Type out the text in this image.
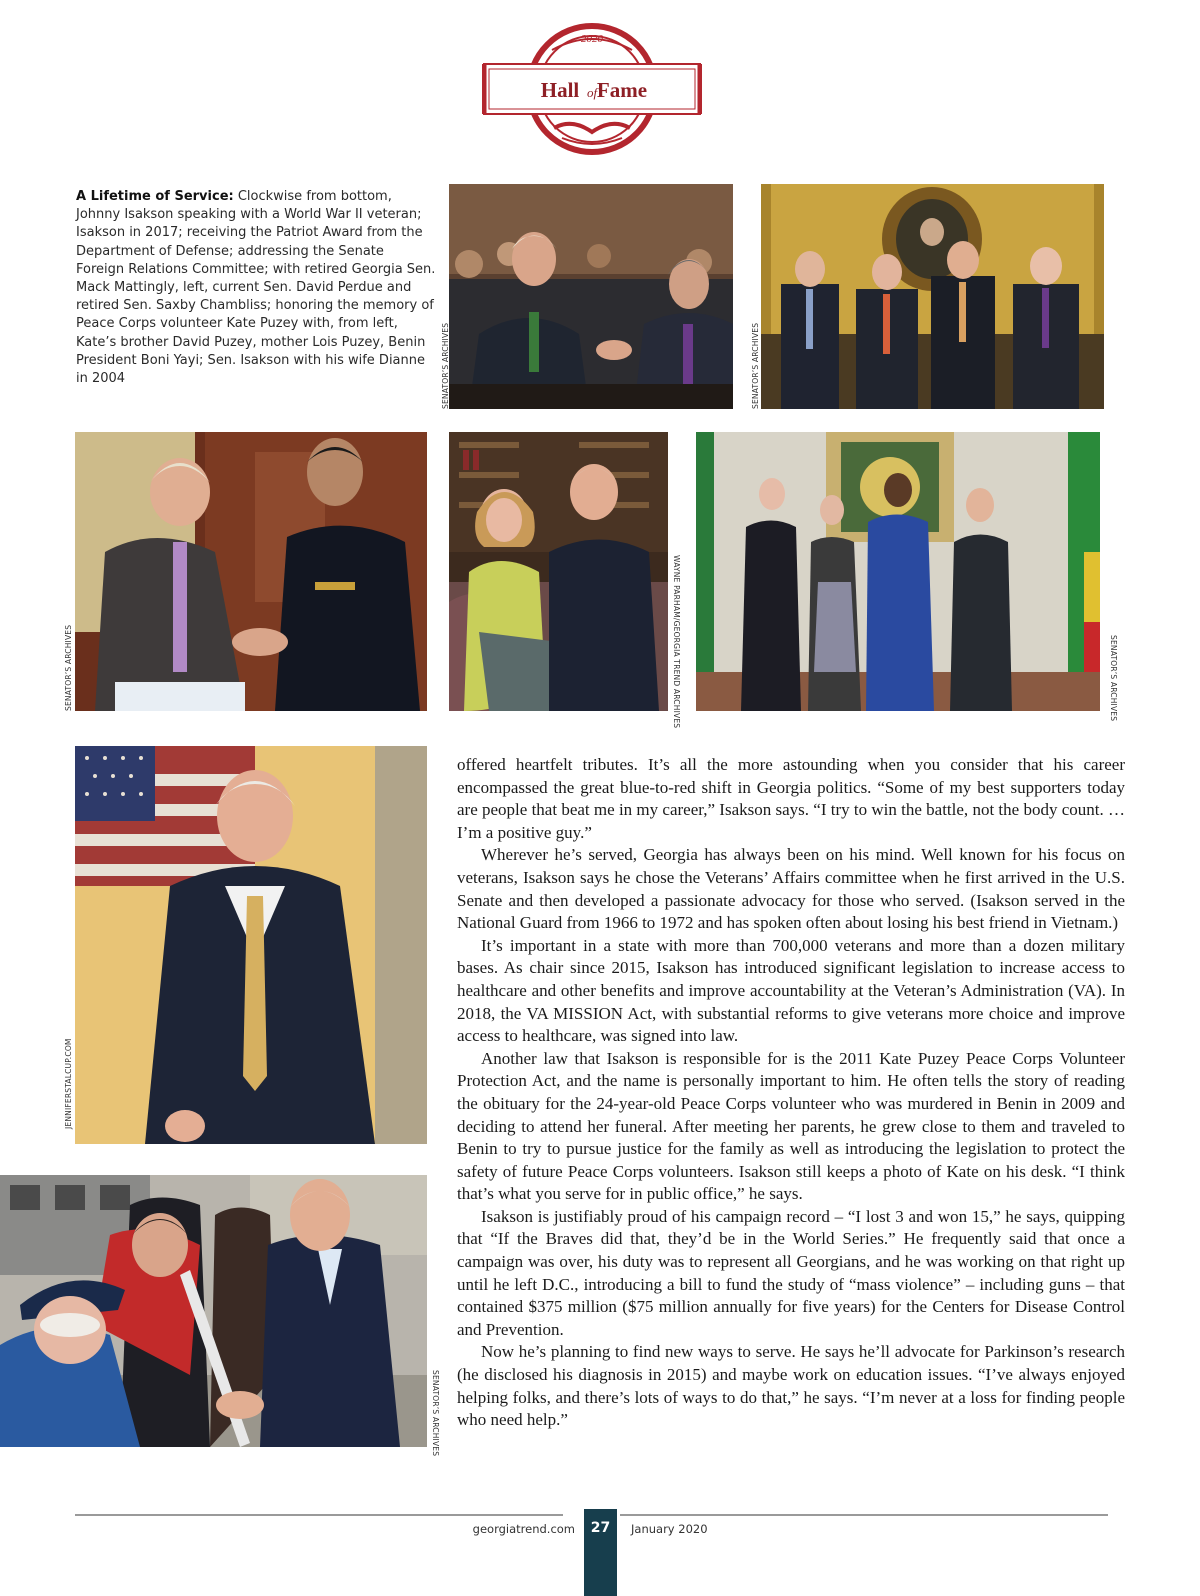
2020
Hall of Fame
A Lifetime of Service: Clockwise from bottom, Johnny Isakson speaking with a World War II veteran; Isakson in 2017; receiving the Patriot Award from the Department of Defense; addressing the Senate Foreign Relations Committee; with retired Georgia Sen. Mack Mattingly, left, current Sen. David Perdue and retired Sen. Saxby Chambliss; honoring the memory of Peace Corps volunteer Kate Puzey with, from left, Kate’s brother David Puzey, mother Lois Puzey, Benin President Boni Yayi; Sen. Isakson with his wife Dianne in 2004	SENATOR’S ARCHIVES	SENATOR’S ARCHIVES
SENATOR’S ARCHIVES	WAYNE PARHAM/GEORGIA TREND ARCHIVES	SENATOR’S ARCHIVES
JENNIFERSTALCUP.COM
SENATOR’S ARCHIVES

offered heartfelt tributes. It’s all the more astounding when you consider that his career encompassed the great blue-to-red shift in Georgia politics. “Some of my best supporters today are people that beat me in my career,” Isakson says. “I try to win the battle, not the body count. … I’m a positive guy.”

Wherever he’s served, Georgia has always been on his mind. Well known for his focus on veterans, Isakson says he chose the Veterans’ Affairs committee when he first arrived in the U.S. Senate and then developed a passionate advocacy for those who served. (Isakson served in the National Guard from 1966 to 1972 and has spoken often about losing his best friend in Vietnam.)

It’s important in a state with more than 700,000 veterans and more than a dozen military bases. As chair since 2015, Isakson has introduced significant legislation to increase access to healthcare and other benefits and improve accountability at the Veteran’s Administration (VA). In 2018, the VA MISSION Act, with substantial reforms to give veterans more choice and improve access to healthcare, was signed into law.

Another law that Isakson is responsible for is the 2011 Kate Puzey Peace Corps Volunteer Protection Act, and the name is personally important to him. He often tells the story of reading the obituary for the 24-year-old Peace Corps volunteer who was murdered in Benin in 2009 and deciding to attend her funeral. After meeting her parents, he grew close to them and traveled to Benin to try to pursue justice for the family as well as introducing the legislation to protect the safety of future Peace Corps volunteers. Isakson still keeps a photo of Kate on his desk. “I think that’s what you serve for in public office,” he says.

Isakson is justifiably proud of his campaign record – “I lost 3 and won 15,” he says, quipping that “If the Braves did that, they’d be in the World Series.” He frequently said that once a campaign was over, his duty was to represent all Georgians, and he was working on that right up until he left D.C., introducing a bill to fund the study of “mass violence” – including guns – that contained $375 million ($75 million annually for five years) for the Centers for Disease Control and Prevention.

Now he’s planning to find new ways to serve. He says he’ll advocate for Parkinson’s research (he disclosed his diagnosis in 2015) and maybe work on education issues. “I’ve always enjoyed helping folks, and there’s lots of ways to do that,” he says. “I’m never at a loss for finding people who need help.”

27
georgiatrend.com	January 2020
